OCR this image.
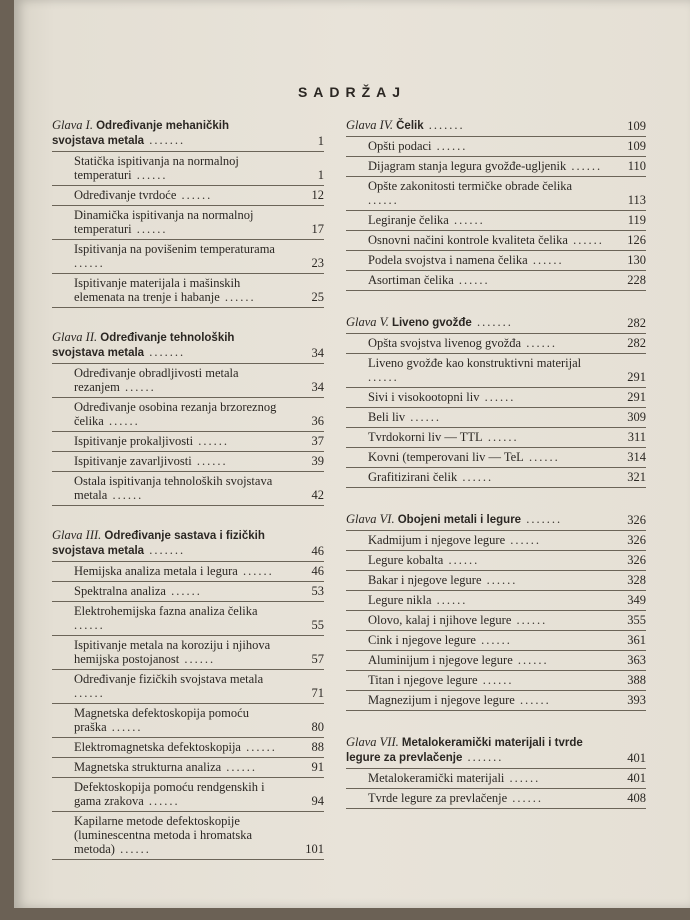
SADRŽAJ
Glava I. Određivanje mehaničkih svojstava metala .......	1
Statička ispitivanja na normalnoj temperaturi ......	1
Određivanje tvrdoće ......	12
Dinamička ispitivanja na normalnoj temperaturi ......	17
Ispitivanja na povišenim temperaturama ......	23
Ispitivanje materijala i mašinskih elemenata na trenje i habanje ......	25
Glava II. Određivanje tehnoloških svojstava metala .......	34
Određivanje obradljivosti metala rezanjem ......	34
Određivanje osobina rezanja brzoreznog čelika ......	36
Ispitivanje prokaljivosti ......	37
Ispitivanje zavarljivosti ......	39
Ostala ispitivanja tehnoloških svojstava metala ......	42
Glava III. Određivanje sastava i fizičkih svojstava metala .......	46
Hemijska analiza metala i legura ......	46
Spektralna analiza ......	53
Elektrohemijska fazna analiza čelika ......	55
Ispitivanje metala na koroziju i njihova hemijska postojanost ......	57
Određivanje fizičkih svojstava metala ......	71
Magnetska defektoskopija pomoću praška ......	80
Elektromagnetska defektoskopija ......	88
Magnetska strukturna analiza ......	91
Defektoskopija pomoću rendgenskih i gama zrakova ......	94
Kapilarne metode defektoskopije (luminescentna metoda i hromatska metoda) ......	101
Glava IV. Čelik .......	109
Opšti podaci ......	109
Dijagram stanja legura gvožđe-ugljenik ......	110
Opšte zakonitosti termičke obrade čelika ......	113
Legiranje čelika ......	119
Osnovni načini kontrole kvaliteta čelika ......	126
Podela svojstva i namena čelika ......	130
Asortiman čelika ......	228
Glava V. Liveno gvožđe .......	282
Opšta svojstva livenog gvožđa ......	282
Liveno gvožđe kao konstruktivni materijal ......	291
Sivi i visokootopni liv ......	291
Beli liv ......	309
Tvrdokorni liv — TTL ......	311
Kovni (temperovani liv — TeL ......	314
Grafitizirani čelik ......	321
Glava VI. Obojeni metali i legure .......	326
Kadmijum i njegove legure ......	326
Legure kobalta ......	326
Bakar i njegove legure ......	328
Legure nikla ......	349
Olovo, kalaj i njihove legure ......	355
Cink i njegove legure ......	361
Aluminijum i njegove legure ......	363
Titan i njegove legure ......	388
Magnezijum i njegove legure ......	393
Glava VII. Metalokeramički materijali i tvrde legure za prevlačenje .......	401
Metalokeramički materijali ......	401
Tvrde legure za prevlačenje ......	408
